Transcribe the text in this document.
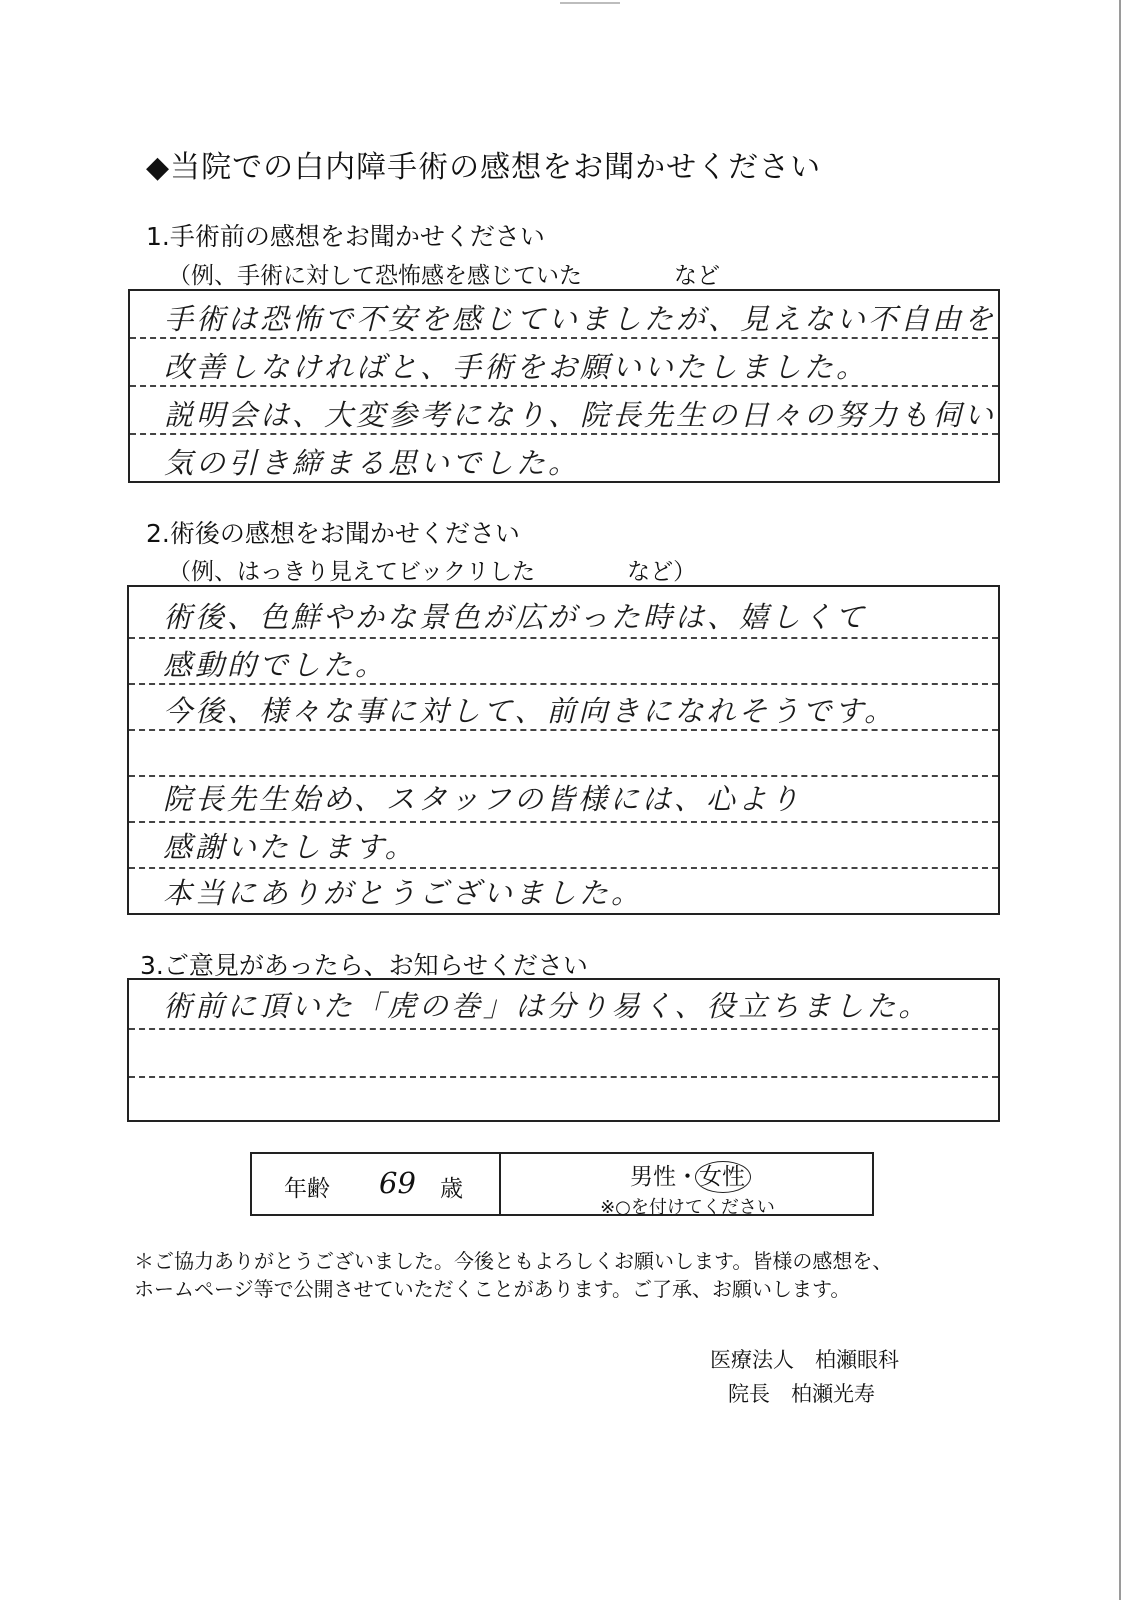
◆当院での白内障手術の感想をお聞かせください
1.手術前の感想をお聞かせください
（例、手術に対して恐怖感を感じていた　　　　など
手術は恐怖で不安を感じていましたが、見えない不自由を
改善しなければと、手術をお願いいたしました。
説明会は、大変参考になり、院長先生の日々の努力も伺い
気の引き締まる思いでした。
2.術後の感想をお聞かせください
（例、はっきり見えてビックリした　　　　など）
術後、色鮮やかな景色が広がった時は、嬉しくて
感動的でした。
今後、様々な事に対して、前向きになれそうです。
院長先生始め、スタッフの皆様には、心より
感謝いたします。
本当にありがとうございました。
3.ご意見があったら、お知らせください
術前に頂いた「虎の巻」は分り易く、役立ちました。
年齢 69 歳	男性・女性
※○を付けてください
＊ご協力ありがとうございました。今後ともよろしくお願いします。皆様の感想を、
ホームページ等で公開させていただくことがあります。ご了承、お願いします。
医療法人　柏瀬眼科
院長　柏瀬光寿
